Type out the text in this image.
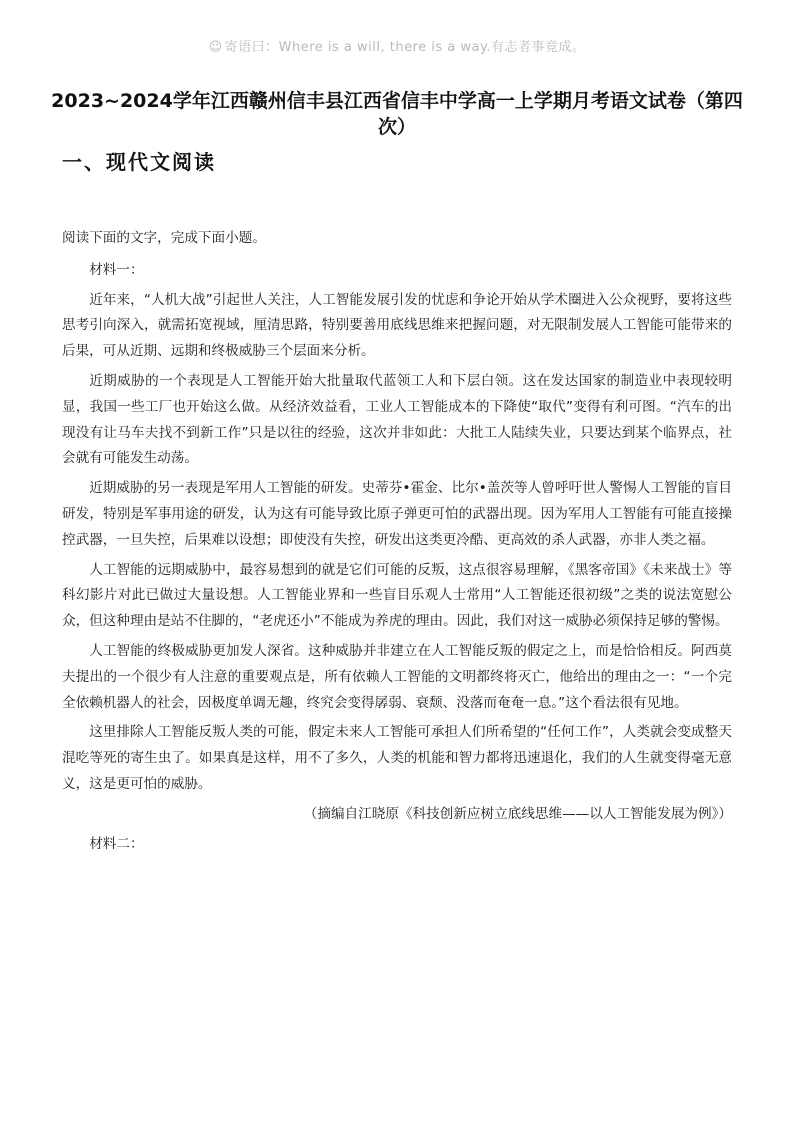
☺ 寄语曰：Where is a will, there is a way.有志者事竟成。
2023~2024学年江西赣州信丰县江西省信丰中学高一上学期月考语文试卷（第四次）
一、现代文阅读

阅读下面的文字，完成下面小题。

材料一：

近年来，“人机大战”引起世人关注，人工智能发展引发的忧虑和争论开始从学术圈进入公众视野，要将这些思考引向深入，就需拓宽视域，厘清思路，特别要善用底线思维来把握问题，对无限制发展人工智能可能带来的后果，可从近期、远期和终极威胁三个层面来分析。

近期威胁的一个表现是人工智能开始大批量取代蓝领工人和下层白领。这在发达国家的制造业中表现较明显，我国一些工厂也开始这么做。从经济效益看，工业人工智能成本的下降使“取代”变得有利可图。“汽车的出现没有让马车夫找不到新工作”只是以往的经验，这次并非如此：大批工人陆续失业，只要达到某个临界点，社会就有可能发生动荡。

近期威胁的另一表现是军用人工智能的研发。史蒂芬•霍金、比尔•盖茨等人曾呼吁世人警惕人工智能的盲目研发，特别是军事用途的研发，认为这有可能导致比原子弹更可怕的武器出现。因为军用人工智能有可能直接操控武器，一旦失控，后果难以设想；即使没有失控，研发出这类更冷酷、更高效的杀人武器，亦非人类之福。

人工智能的远期威胁中，最容易想到的就是它们可能的反叛，这点很容易理解，《黑客帝国》《未来战士》等科幻影片对此已做过大量设想。人工智能业界和一些盲目乐观人士常用“人工智能还很初级”之类的说法宽慰公众，但这种理由是站不住脚的，“老虎还小”不能成为养虎的理由。因此，我们对这一威胁必须保持足够的警惕。

人工智能的终极威胁更加发人深省。这种威胁并非建立在人工智能反叛的假定之上，而是恰恰相反。阿西莫夫提出的一个很少有人注意的重要观点是，所有依赖人工智能的文明都终将灭亡，他给出的理由之一：“一个完全依赖机器人的社会，因极度单调无趣，终究会变得孱弱、衰颓、没落而奄奄一息。”这个看法很有见地。

这里排除人工智能反叛人类的可能，假定未来人工智能可承担人们所希望的“任何工作”，人类就会变成整天混吃等死的寄生虫了。如果真是这样，用不了多久，人类的机能和智力都将迅速退化，我们的人生就变得毫无意义，这是更可怕的威胁。

（摘编自江晓原《科技创新应树立底线思维——以人工智能发展为例》）

材料二：
